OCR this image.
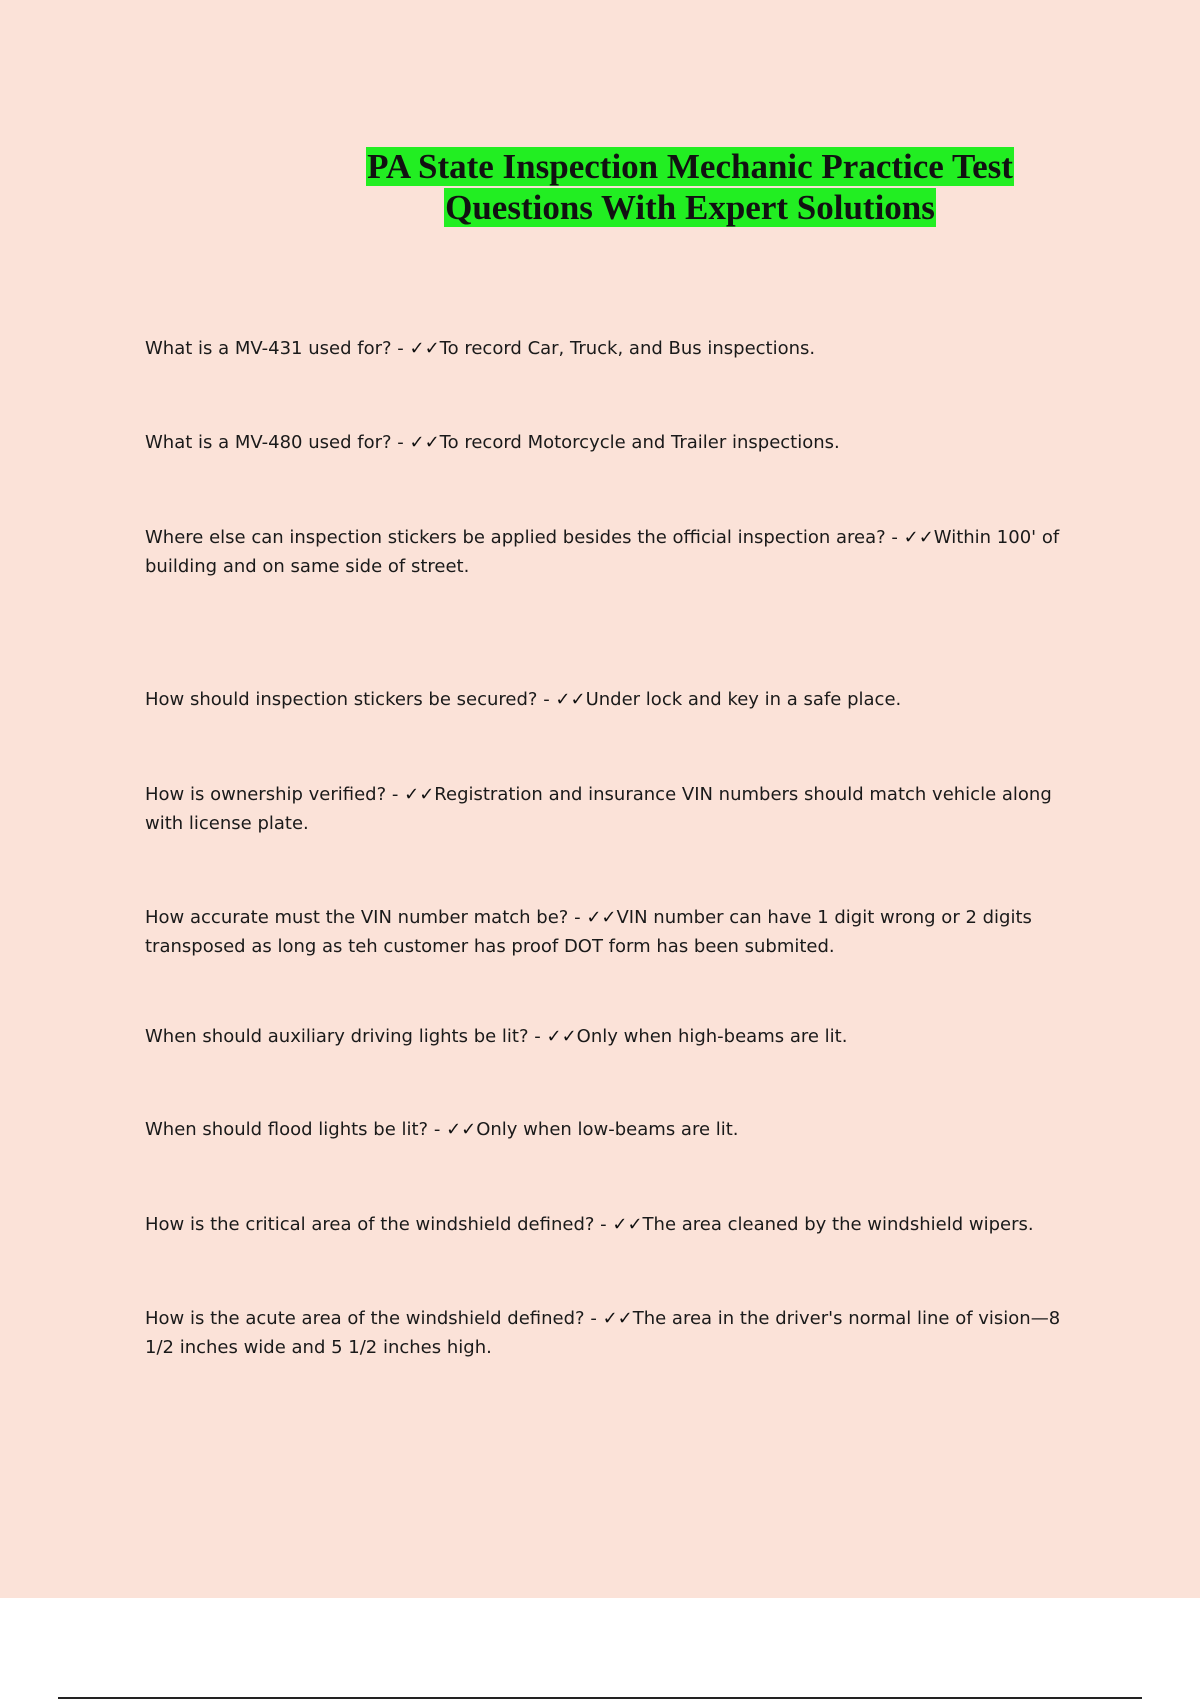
PA State Inspection Mechanic Practice Test
Questions With Expert Solutions

What is a MV-431 used for? - ✓✓To record Car, Truck, and Bus inspections.

What is a MV-480 used for? - ✓✓To record Motorcycle and Trailer inspections.

Where else can inspection stickers be applied besides the official inspection area? - ✓✓Within 100' of building and on same side of street.

How should inspection stickers be secured? - ✓✓Under lock and key in a safe place.

How is ownership verified? - ✓✓Registration and insurance VIN numbers should match vehicle along with license plate.

How accurate must the VIN number match be? - ✓✓VIN number can have 1 digit wrong or 2 digits transposed as long as teh customer has proof DOT form has been submited.

When should auxiliary driving lights be lit? - ✓✓Only when high-beams are lit.

When should flood lights be lit? - ✓✓Only when low-beams are lit.

How is the critical area of the windshield defined? - ✓✓The area cleaned by the windshield wipers.

How is the acute area of the windshield defined? - ✓✓The area in the driver's normal line of vision—8 1/2 inches wide and 5 1/2 inches high.
